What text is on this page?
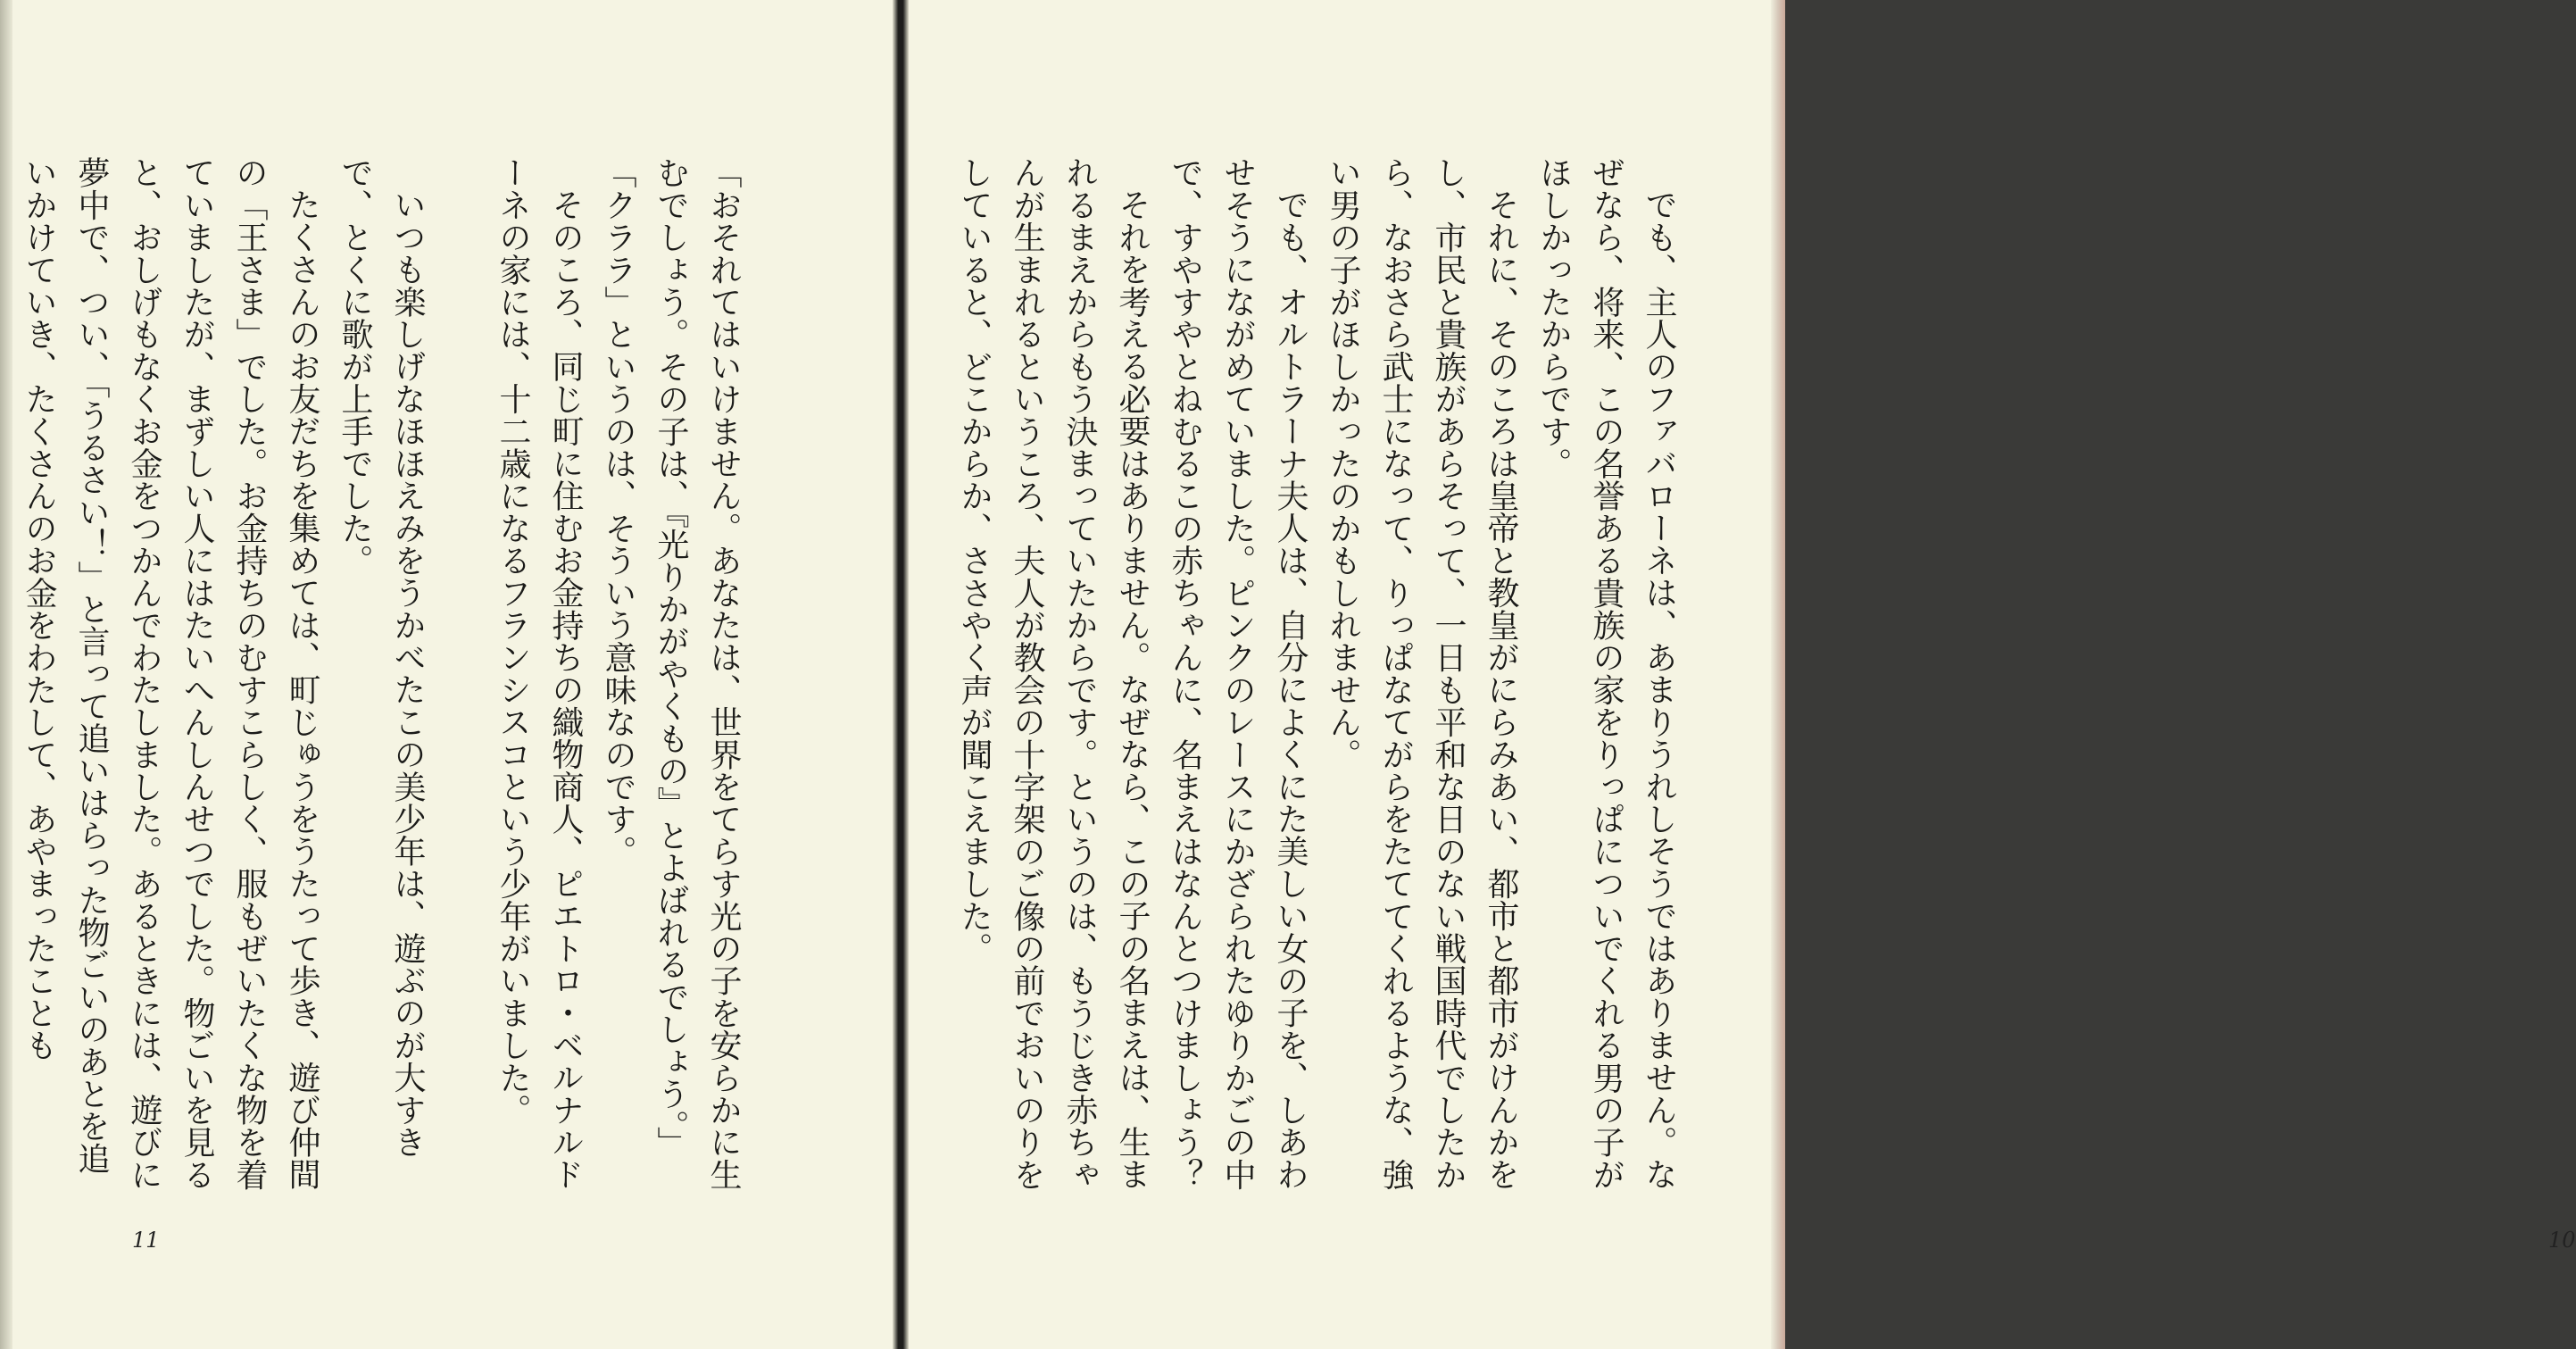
「おそれてはいけません。あなたは、世界をてらす光の子を安らかに生むでしょう。その子は、『光りかがやくもの』とよばれるでしょう。」

「クララ」というのは、そういう意味なのです。

そのころ、同じ町に住むお金持ちの織物商人、ピエトロ・ベルナルドーネの家には、十二歳になるフランシスコという少年がいました。

いつも楽しげなほほえみをうかべたこの美少年は、遊ぶのが大すきで、とくに歌が上手でした。

たくさんのお友だちを集めては、町じゅうをうたって歩き、遊び仲間の「王さま」でした。お金持ちのむすこらしく、服もぜいたくな物を着ていましたが、まずしい人にはたいへんしんせつでした。物ごいを見ると、おしげもなくお金をつかんでわたしました。あるときには、遊びに夢中で、つい、「うるさい！」と言って追いはらった物ごいのあとを追いかけていき、たくさんのお金をわたして、あやまったことも

11

でも、主人のファバローネは、あまりうれしそうではありません。なぜなら、将来、この名誉ある貴族の家をりっぱについでくれる男の子がほしかったからです。

それに、そのころは皇帝と教皇がにらみあい、都市と都市がけんかをし、市民と貴族があらそって、一日も平和な日のない戦国時代でしたから、なおさら武士になって、りっぱなてがらをたててくれるような、強い男の子がほしかったのかもしれません。

でも、オルトラーナ夫人は、自分によくにた美しい女の子を、しあわせそうにながめていました。ピンクのレースにかざられたゆりかごの中で、すやすやとねむるこの赤ちゃんに、名まえはなんとつけましょう？

それを考える必要はありません。なぜなら、この子の名まえは、生まれるまえからもう決まっていたからです。というのは、もうじき赤ちゃんが生まれるというころ、夫人が教会の十字架のご像の前でおいのりをしていると、どこからか、ささやく声が聞こえました。

10
